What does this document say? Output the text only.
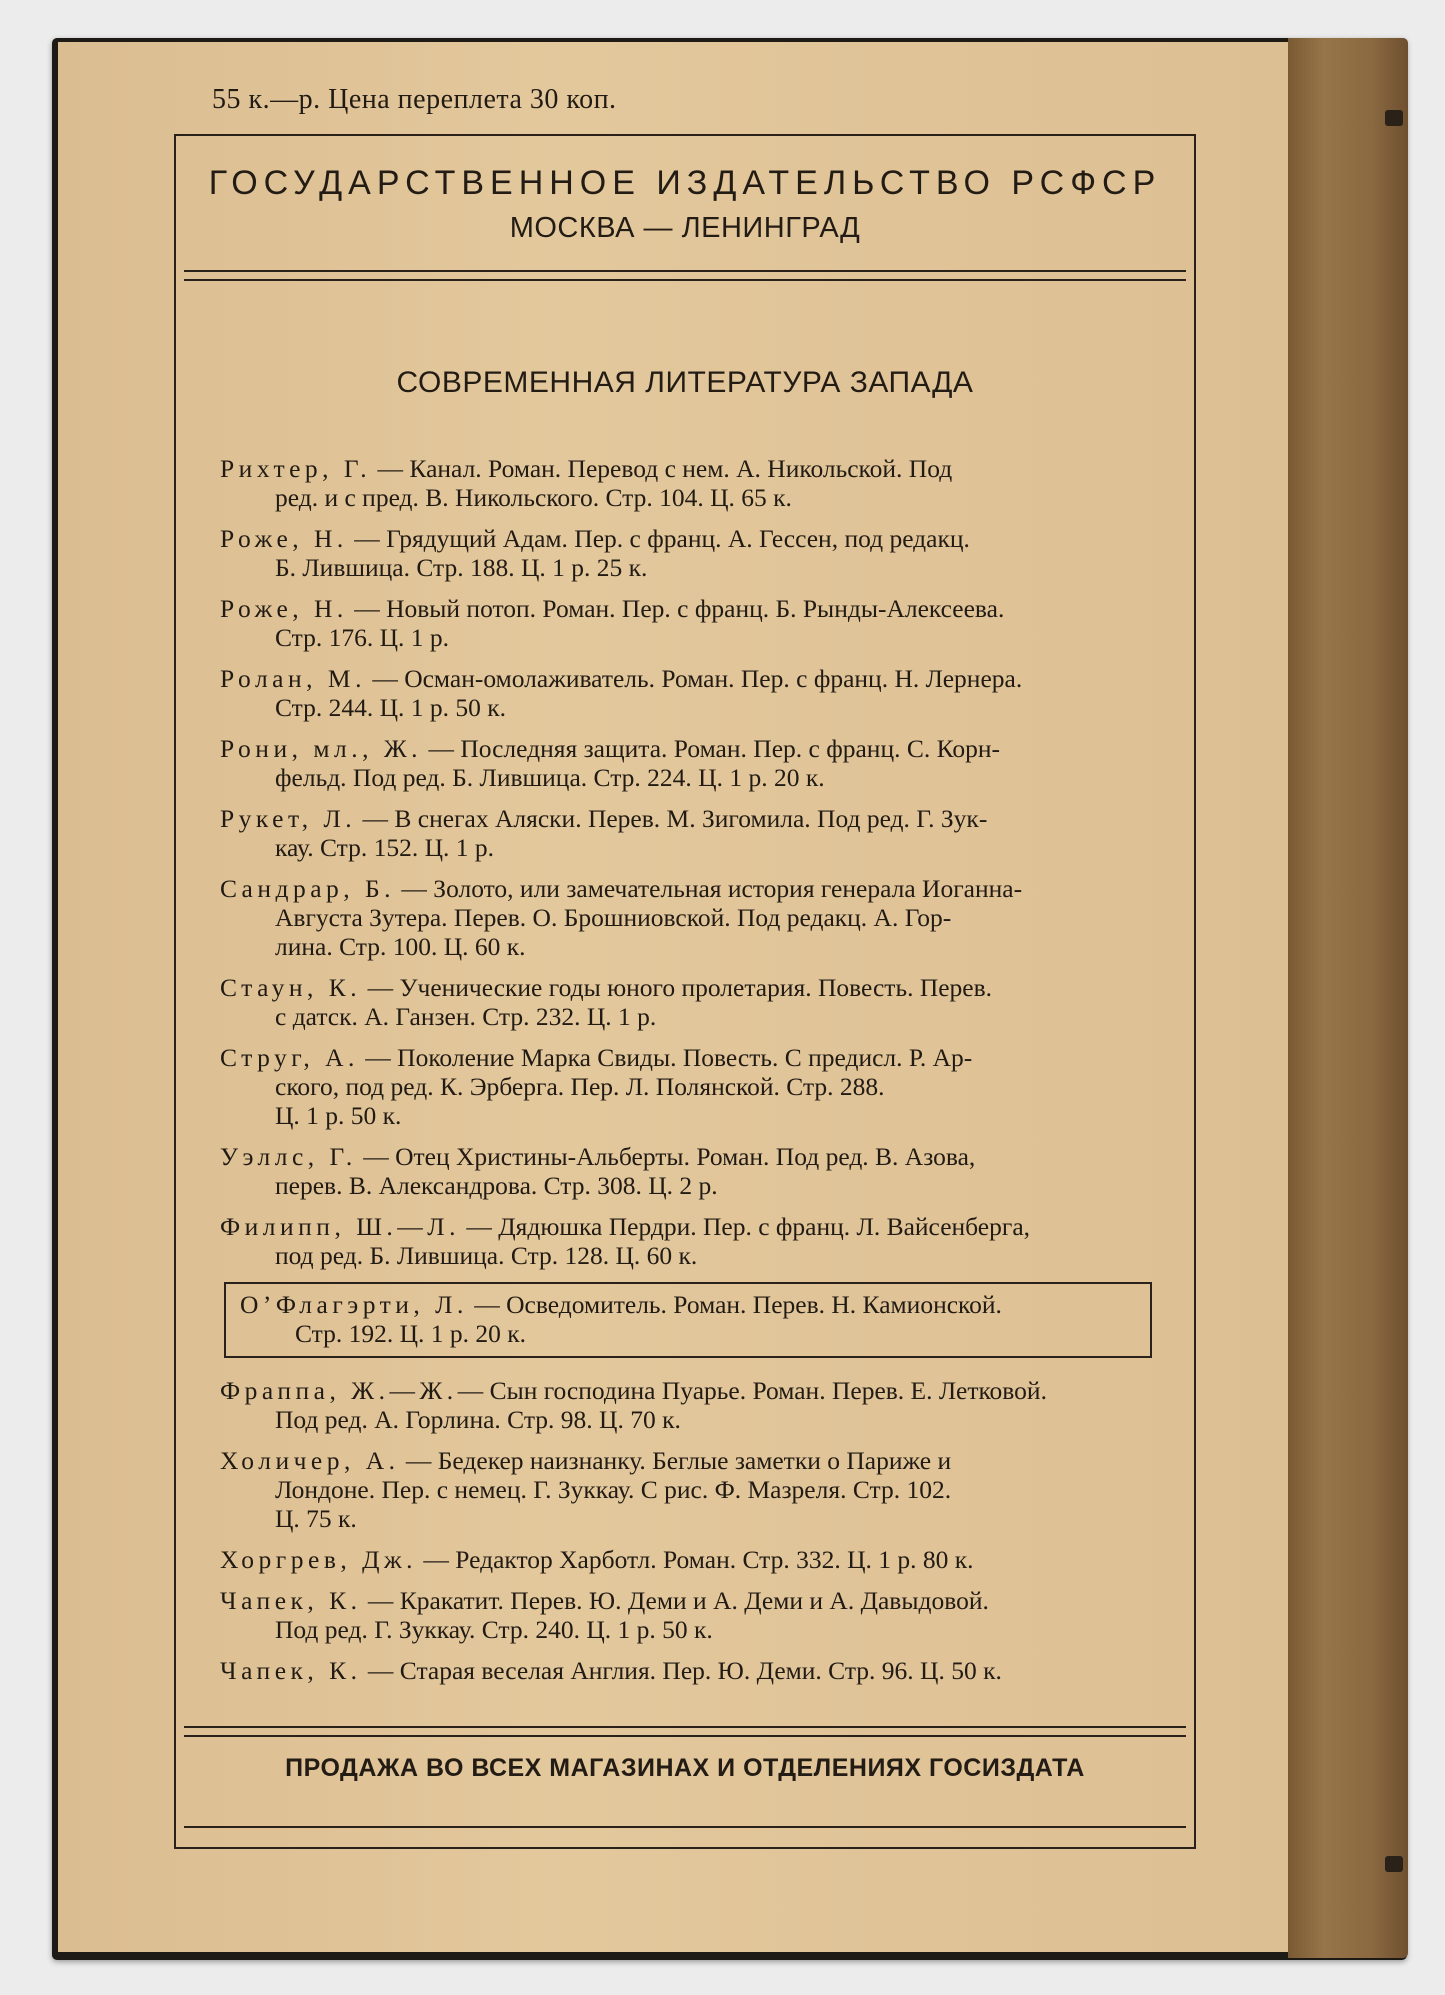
55 к.—р. Цена переплета 30 коп.
ГОСУДАРСТВЕННОЕ ИЗДАТЕЛЬСТВО РСФСР
МОСКВА — ЛЕНИНГРАД
СОВРЕМЕННАЯ ЛИТЕРАТУРА ЗАПАДА
Рихтер, Г. — Канал. Роман. Перевод с нем. А. Никольской. Под
ред. и с пред. В. Никольского. Стр. 104. Ц. 65 к.
Роже, Н. — Грядущий Адам. Пер. с франц. А. Гессен, под редакц.
Б. Лившица. Стр. 188. Ц. 1 р. 25 к.
Роже, Н. — Новый потоп. Роман. Пер. с франц. Б. Рынды-Алексеева.
Стр. 176. Ц. 1 р.
Ролан, М. — Осман-омолаживатель. Роман. Пер. с франц. Н. Лернера.
Стр. 244. Ц. 1 р. 50 к.
Рони, мл., Ж. — Последняя защита. Роман. Пер. с франц. С. Корн-
фельд. Под ред. Б. Лившица. Стр. 224. Ц. 1 р. 20 к.
Рукет, Л. — В снегах Аляски. Перев. М. Зигомила. Под ред. Г. Зук-
кау. Стр. 152. Ц. 1 р.
Сандрар, Б. — Золото, или замечательная история генерала Иоганна-
Августа Зутера. Перев. О. Брошниовской. Под редакц. А. Гор-
лина. Стр. 100. Ц. 60 к.
Стаун, К. — Ученические годы юного пролетария. Повесть. Перев.
с датск. А. Ганзен. Стр. 232. Ц. 1 р.
Струг, А. — Поколение Марка Свиды. Повесть. С предисл. Р. Ар-
ского, под ред. К. Эрберга. Пер. Л. Полянской. Стр. 288.
Ц. 1 р. 50 к.
Уэллс, Г. — Отец Христины-Альберты. Роман. Под ред. В. Азова,
перев. В. Александрова. Стр. 308. Ц. 2 р.
Филипп, Ш.—Л. — Дядюшка Пердри. Пер. с франц. Л. Вайсенберга,
под ред. Б. Лившица. Стр. 128. Ц. 60 к.
О’Флагэрти, Л. — Осведомитель. Роман. Перев. Н. Камионской.
Стр. 192. Ц. 1 р. 20 к.
Фраппа, Ж.—Ж.— Сын господина Пуарье. Роман. Перев. Е. Летковой.
Под ред. А. Горлина. Стр. 98. Ц. 70 к.
Холичер, А. — Бедекер наизнанку. Беглые заметки о Париже и
Лондоне. Пер. с немец. Г. Зуккау. С рис. Ф. Мазреля. Стр. 102.
Ц. 75 к.
Хоргрев, Дж. — Редактор Харботл. Роман. Стр. 332. Ц. 1 р. 80 к.
Чапек, К. — Кракатит. Перев. Ю. Деми и А. Деми и А. Давыдовой.
Под ред. Г. Зуккау. Стр. 240. Ц. 1 р. 50 к.
Чапек, К. — Старая веселая Англия. Пер. Ю. Деми. Стр. 96. Ц. 50 к.
ПРОДАЖА ВО ВСЕХ МАГАЗИНАХ И ОТДЕЛЕНИЯХ ГОСИЗДАТА
